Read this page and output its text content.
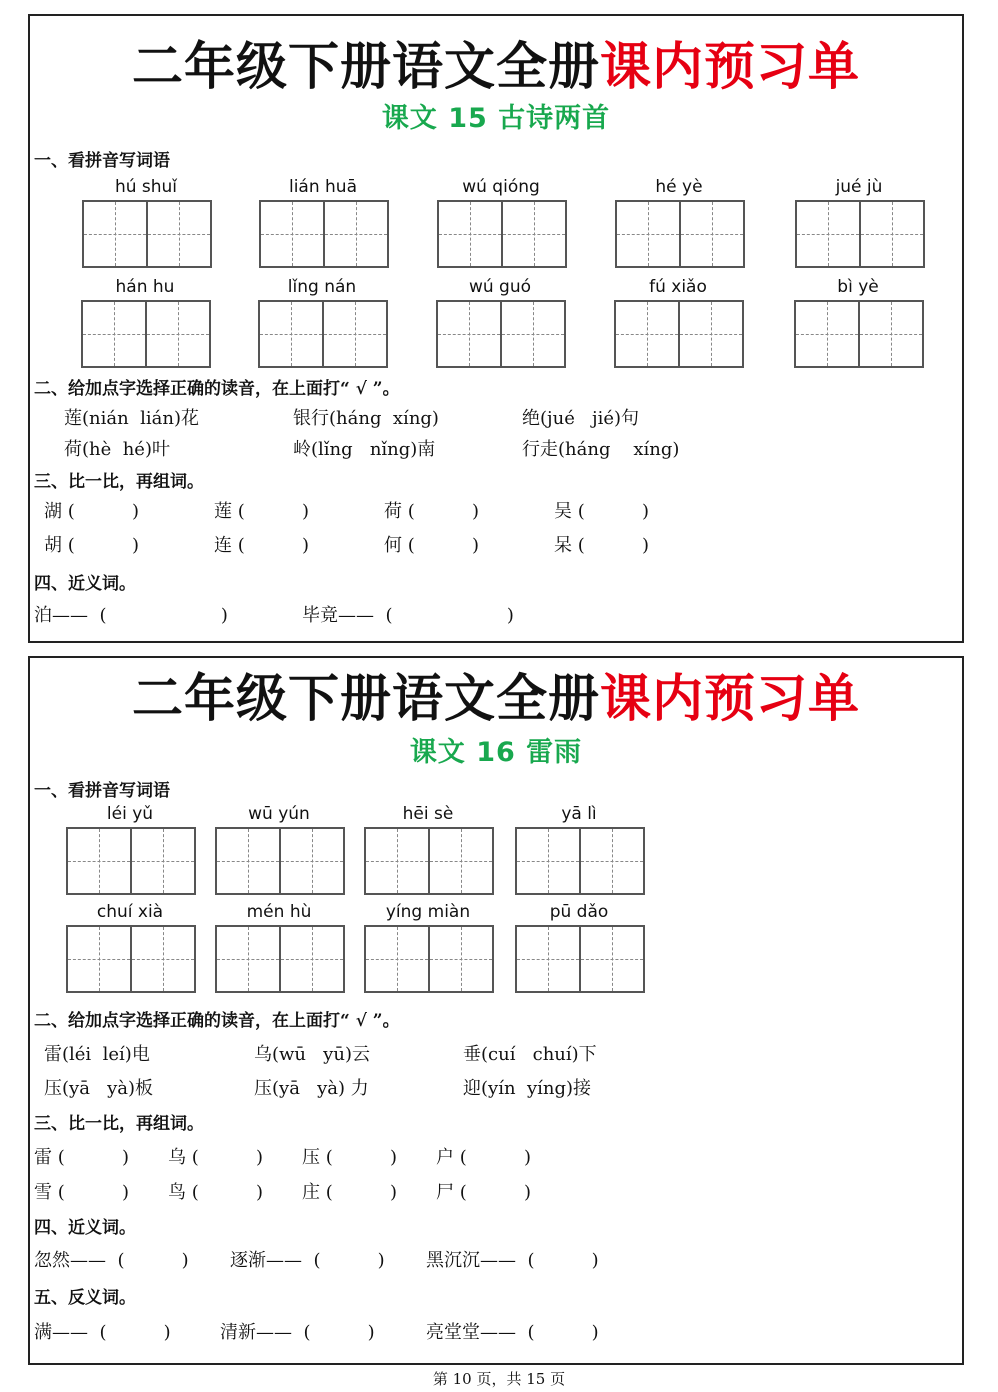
二年级下册语文全册课内预习单
课文 15 古诗两首
一、看拼音写词语
hú shuǐ	lián huā	wú qióng	hé yè	jué jù
hán hu	lǐng nán	wú guó	fú xiǎo	bì yè
二、给加点字选择正确的读音，在上面打“ √ ”。
莲(nián  lián)花	银行(háng  xíng)	绝(jué   jié)句
荷(hè  hé)叶	岭(lǐng   nǐng)南	行走(háng    xíng)
三、比一比，再组词。
湖 (          )	莲 (          )	荷 (          )	吴 (          )
胡 (          )	连 (          )	何 (          )	呆 (          )
四、近义词。
泊——  (                    )	毕竟——  (                    )
二年级下册语文全册课内预习单
课文 16 雷雨
一、看拼音写词语
léi yǔ	wū yún	hēi sè	yā lì
chuí xià	mén hù	yíng miàn	pū dǎo
二、给加点字选择正确的读音，在上面打“ √ ”。
雷(léi  leí)电	乌(wū   yū)云	垂(cuí   chuí)下
压(yā   yà)板	压(yā   yà) 力	迎(yín  yíng)接
三、比一比，再组词。
雷 (          ) 乌 (          ) 压 (          ) 户 (          )
雪 (          ) 鸟 (          ) 庄 (          ) 尸 (          )
四、近义词。
忽然——  (          ) 逐渐——  (          ) 黑沉沉——  (          )
五、反义词。
满——  (          )	清新——  (          )	亮堂堂——  (          )
第 10 页，共 15 页
